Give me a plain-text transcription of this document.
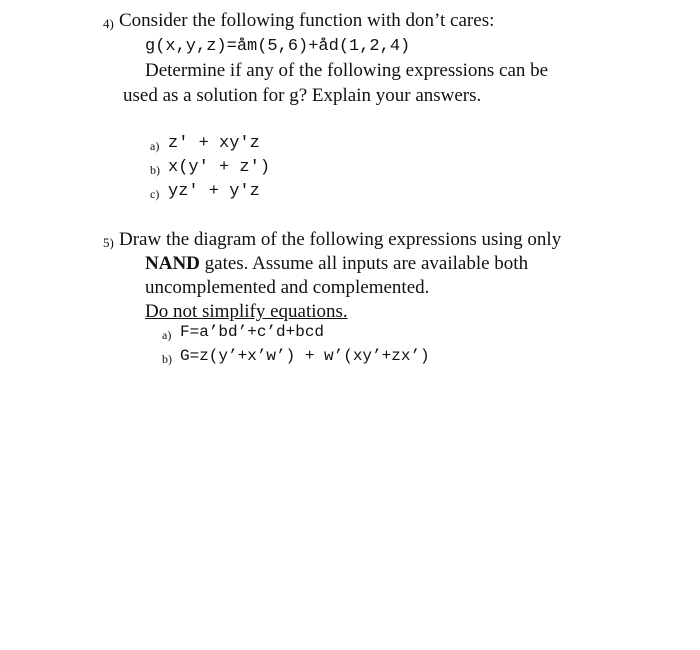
4) Consider the following function with don’t cares:
g(x,y,z)=åm(5,6)+åd(1,2,4)
Determine if any of the following expressions can be
used as a solution for g? Explain your answers.
a) z' + xy'z
b) x(y' + z')
c) yz' + y'z
5) Draw the diagram of the following expressions using only
NAND gates. Assume all inputs are available both
uncomplemented and complemented.
Do not simplify equations.
a) F=a’bd’+c’d+bcd
b) G=z(y’+x’w’) + w’(xy’+zx’)
